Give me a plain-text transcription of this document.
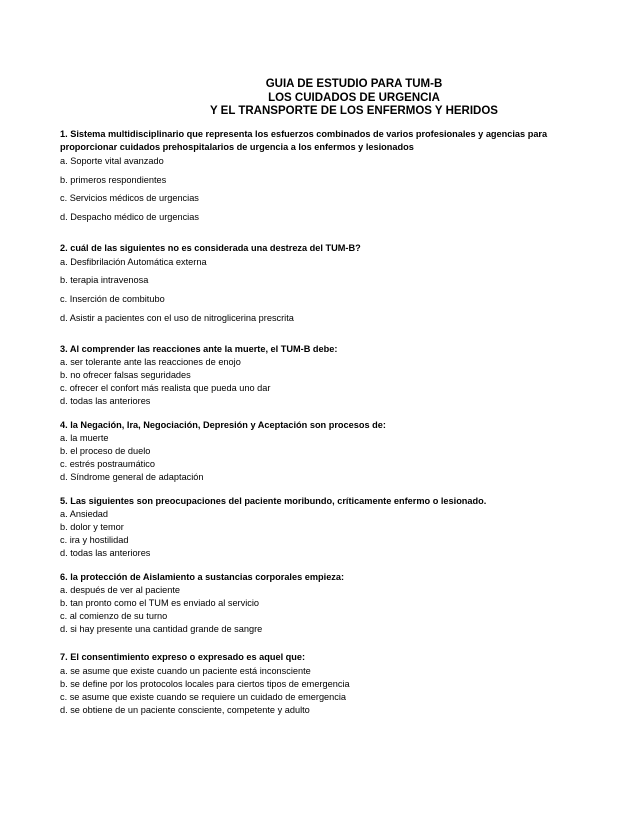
GUIA DE ESTUDIO PARA TUM-B
LOS CUIDADOS DE URGENCIA
Y EL TRANSPORTE DE LOS ENFERMOS Y HERIDOS
1. Sistema multidisciplinario que representa los esfuerzos combinados de varios profesionales y agencias para proporcionar cuidados prehospitalarios de urgencia a los enfermos y lesionados
a. Soporte vital avanzado
b. primeros respondientes
c. Servicios médicos de urgencias
d. Despacho médico de urgencias
2. cuál de las siguientes no es considerada una destreza del TUM-B?
a. Desfibrilación Automática externa
b. terapia intravenosa
c. Inserción de combitubo
d. Asistir a pacientes con el uso de nitroglicerina prescrita
3. Al comprender las reacciones ante la muerte, el TUM-B debe:
a. ser tolerante ante las reacciones de enojo
b. no ofrecer falsas seguridades
c. ofrecer el confort más realista que pueda uno dar
d. todas las anteriores
4. la Negación, Ira, Negociación, Depresión y Aceptación son procesos de:
a. la muerte
b. el proceso de duelo
c. estrés postraumático
d. Síndrome general de adaptación
5. Las siguientes son preocupaciones del paciente moribundo, críticamente enfermo o lesionado.
a. Ansiedad
b. dolor y temor
c. ira y hostilidad
d. todas las anteriores
6. la protección de Aislamiento a sustancias corporales empieza:
a. después de ver al paciente
b. tan pronto como el TUM es enviado al servicio
c. al comienzo de su turno
d. si hay presente una cantidad grande de sangre
7. El consentimiento expreso o expresado es aquel que:
a. se asume que existe cuando un paciente está inconsciente
b. se define por los protocolos locales para ciertos tipos de emergencia
c. se asume que existe cuando se requiere un cuidado de emergencia
d. se obtiene de un paciente consciente, competente y adulto
